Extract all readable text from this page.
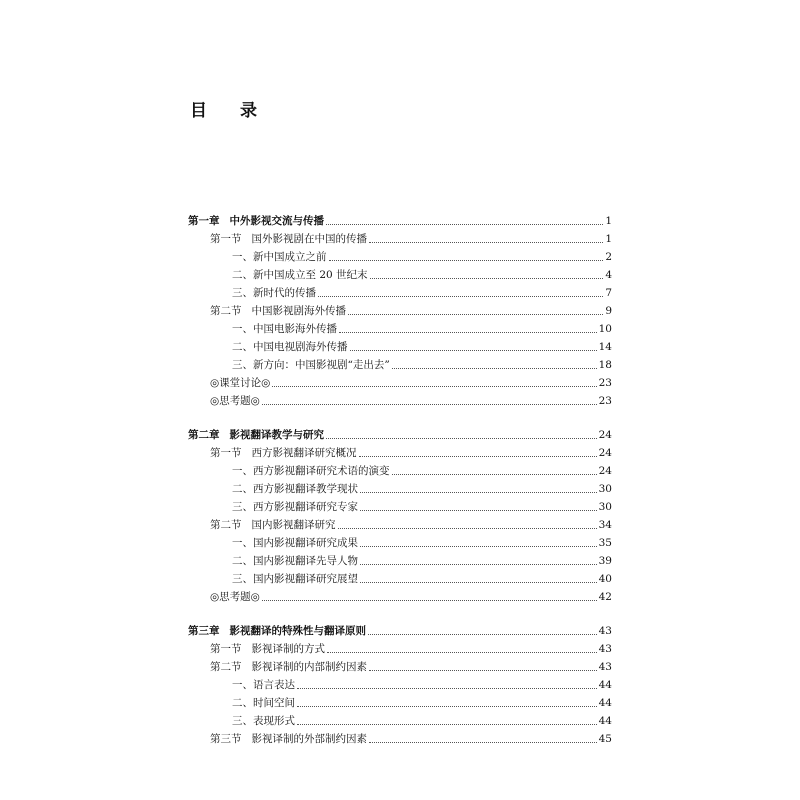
目　录
第一章 中外影视交流与传播	1
第一节 国外影视剧在中国的传播	1
一、新中国成立之前	2
二、新中国成立至 20 世纪末	4
三、新时代的传播	7
第二节 中国影视剧海外传播	9
一、中国电影海外传播	10
二、中国电视剧海外传播	14
三、新方向：中国影视剧“走出去”	18
◎课堂讨论◎	23
◎思考题◎	23
第二章 影视翻译教学与研究	24
第一节 西方影视翻译研究概况	24
一、西方影视翻译研究术语的演变	24
二、西方影视翻译教学现状	30
三、西方影视翻译研究专家	30
第二节 国内影视翻译研究	34
一、国内影视翻译研究成果	35
二、国内影视翻译先导人物	39
三、国内影视翻译研究展望	40
◎思考题◎	42
第三章 影视翻译的特殊性与翻译原则	43
第一节 影视译制的方式	43
第二节 影视译制的内部制约因素	43
一、语言表达	44
二、时间空间	44
三、表现形式	44
第三节 影视译制的外部制约因素	45
